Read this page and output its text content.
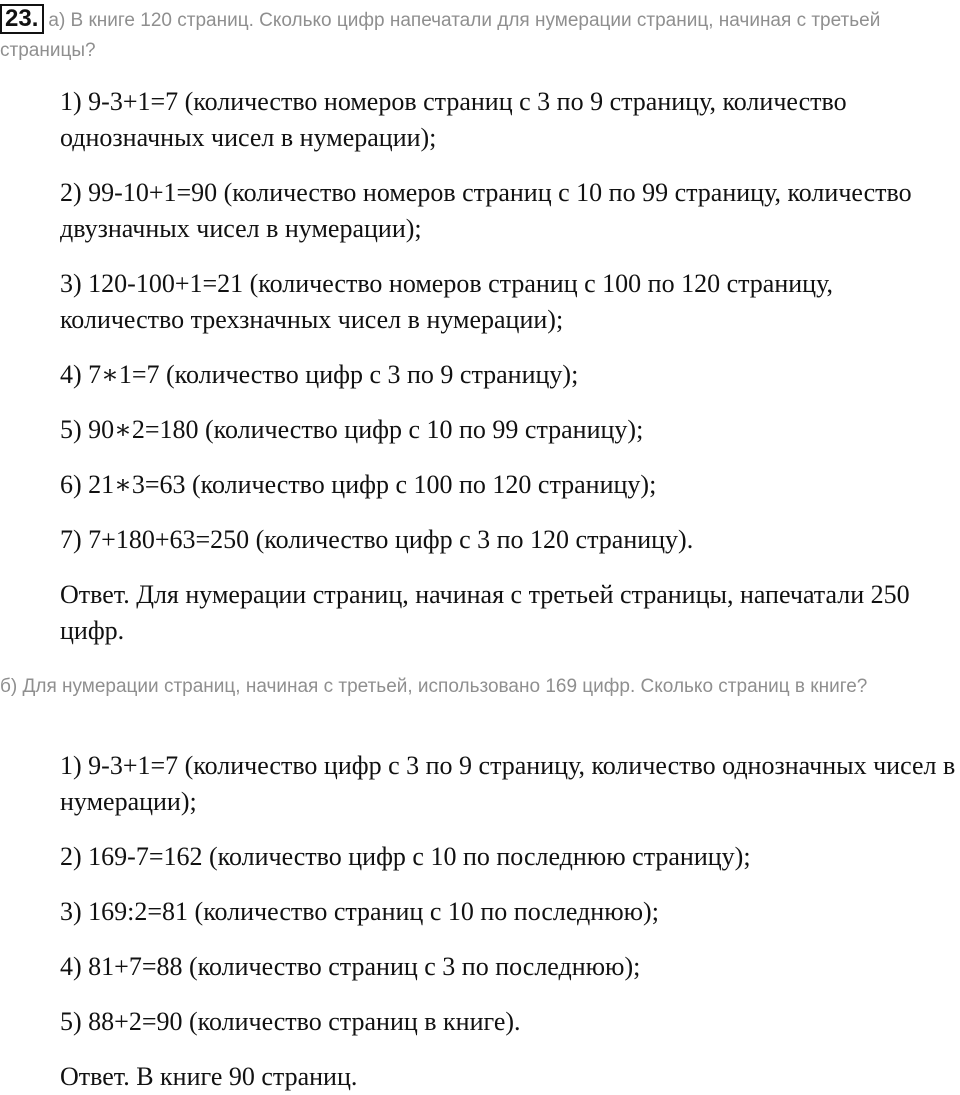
23. а) В книге 120 страниц. Сколько цифр напечатали для нумерации страниц, начиная с третьей страницы?

1) 9-3+1=7 (количество номеров страниц с 3 по 9 страницу, количество однозначных чисел в нумерации);

2) 99-10+1=90 (количество номеров страниц с 10 по 99 страницу, количество двузначных чисел в нумерации);

3) 120-100+1=21 (количество номеров страниц с 100 по 120 страницу, количество трехзначных чисел в нумерации);

4) 7∗1=7 (количество цифр с 3 по 9 страницу);

5) 90∗2=180 (количество цифр с 10 по 99 страницу);

6) 21∗3=63 (количество цифр с 100 по 120 страницу);

7) 7+180+63=250 (количество цифр с 3 по 120 страницу).

Ответ. Для нумерации страниц, начиная с третьей страницы, напечатали 250 цифр.

б) Для нумерации страниц, начиная с третьей, использовано 169 цифр. Сколько страниц в книге?

1) 9-3+1=7 (количество цифр с 3 по 9 страницу, количество однозначных чисел в нумерации);

2) 169-7=162 (количество цифр с 10 по последнюю страницу);

3) 169:2=81 (количество страниц с 10 по последнюю);

4) 81+7=88 (количество страниц с 3 по последнюю);

5) 88+2=90 (количество страниц в книге).

Ответ. В книге 90 страниц.
